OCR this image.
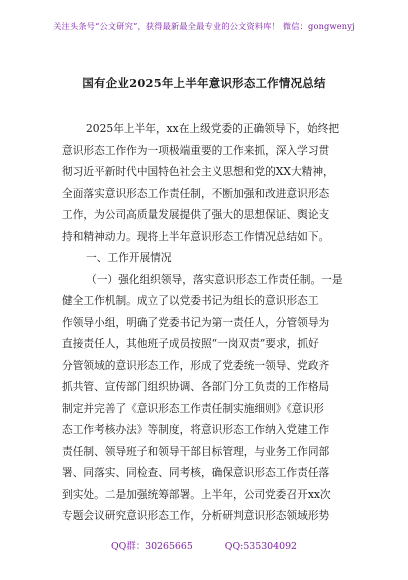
关注头条号“公文研究”，获得最新最全最专业的公文资料库！ 微信：gongwenyj
国有企业2025年上半年意识形态工作情况总结
2025年上半年，xx在上级党委的正确领导下，始终把
意识形态工作作为一项极端重要的工作来抓，深入学习贯
彻习近平新时代中国特色社会主义思想和党的XX大精神，
全面落实意识形态工作责任制，不断加强和改进意识形态
工作，为公司高质量发展提供了强大的思想保证、舆论支
持和精神动力。现将上半年意识形态工作情况总结如下。
一、工作开展情况
（一）强化组织领导，落实意识形态工作责任制。一是
健全工作机制。成立了以党委书记为组长的意识形态工
作领导小组，明确了党委书记为第一责任人，分管领导为
直接责任人，其他班子成员按照“一岗双责”要求，抓好
分管领域的意识形态工作，形成了党委统一领导、党政齐
抓共管、宣传部门组织协调、各部门分工负责的工作格局
制定并完善了《意识形态工作责任制实施细则》《意识形
态工作考核办法》等制度，将意识形态工作纳入党建工作
责任制、领导班子和领导干部目标管理，与业务工作同部
署、同落实、同检查、同考核，确保意识形态工作责任落
到实处。二是加强统筹部署。上半年，公司党委召开xx次
专题会议研究意识形态工作，分析研判意识形态领域形势
QQ群：30265665	QQ:535304092
